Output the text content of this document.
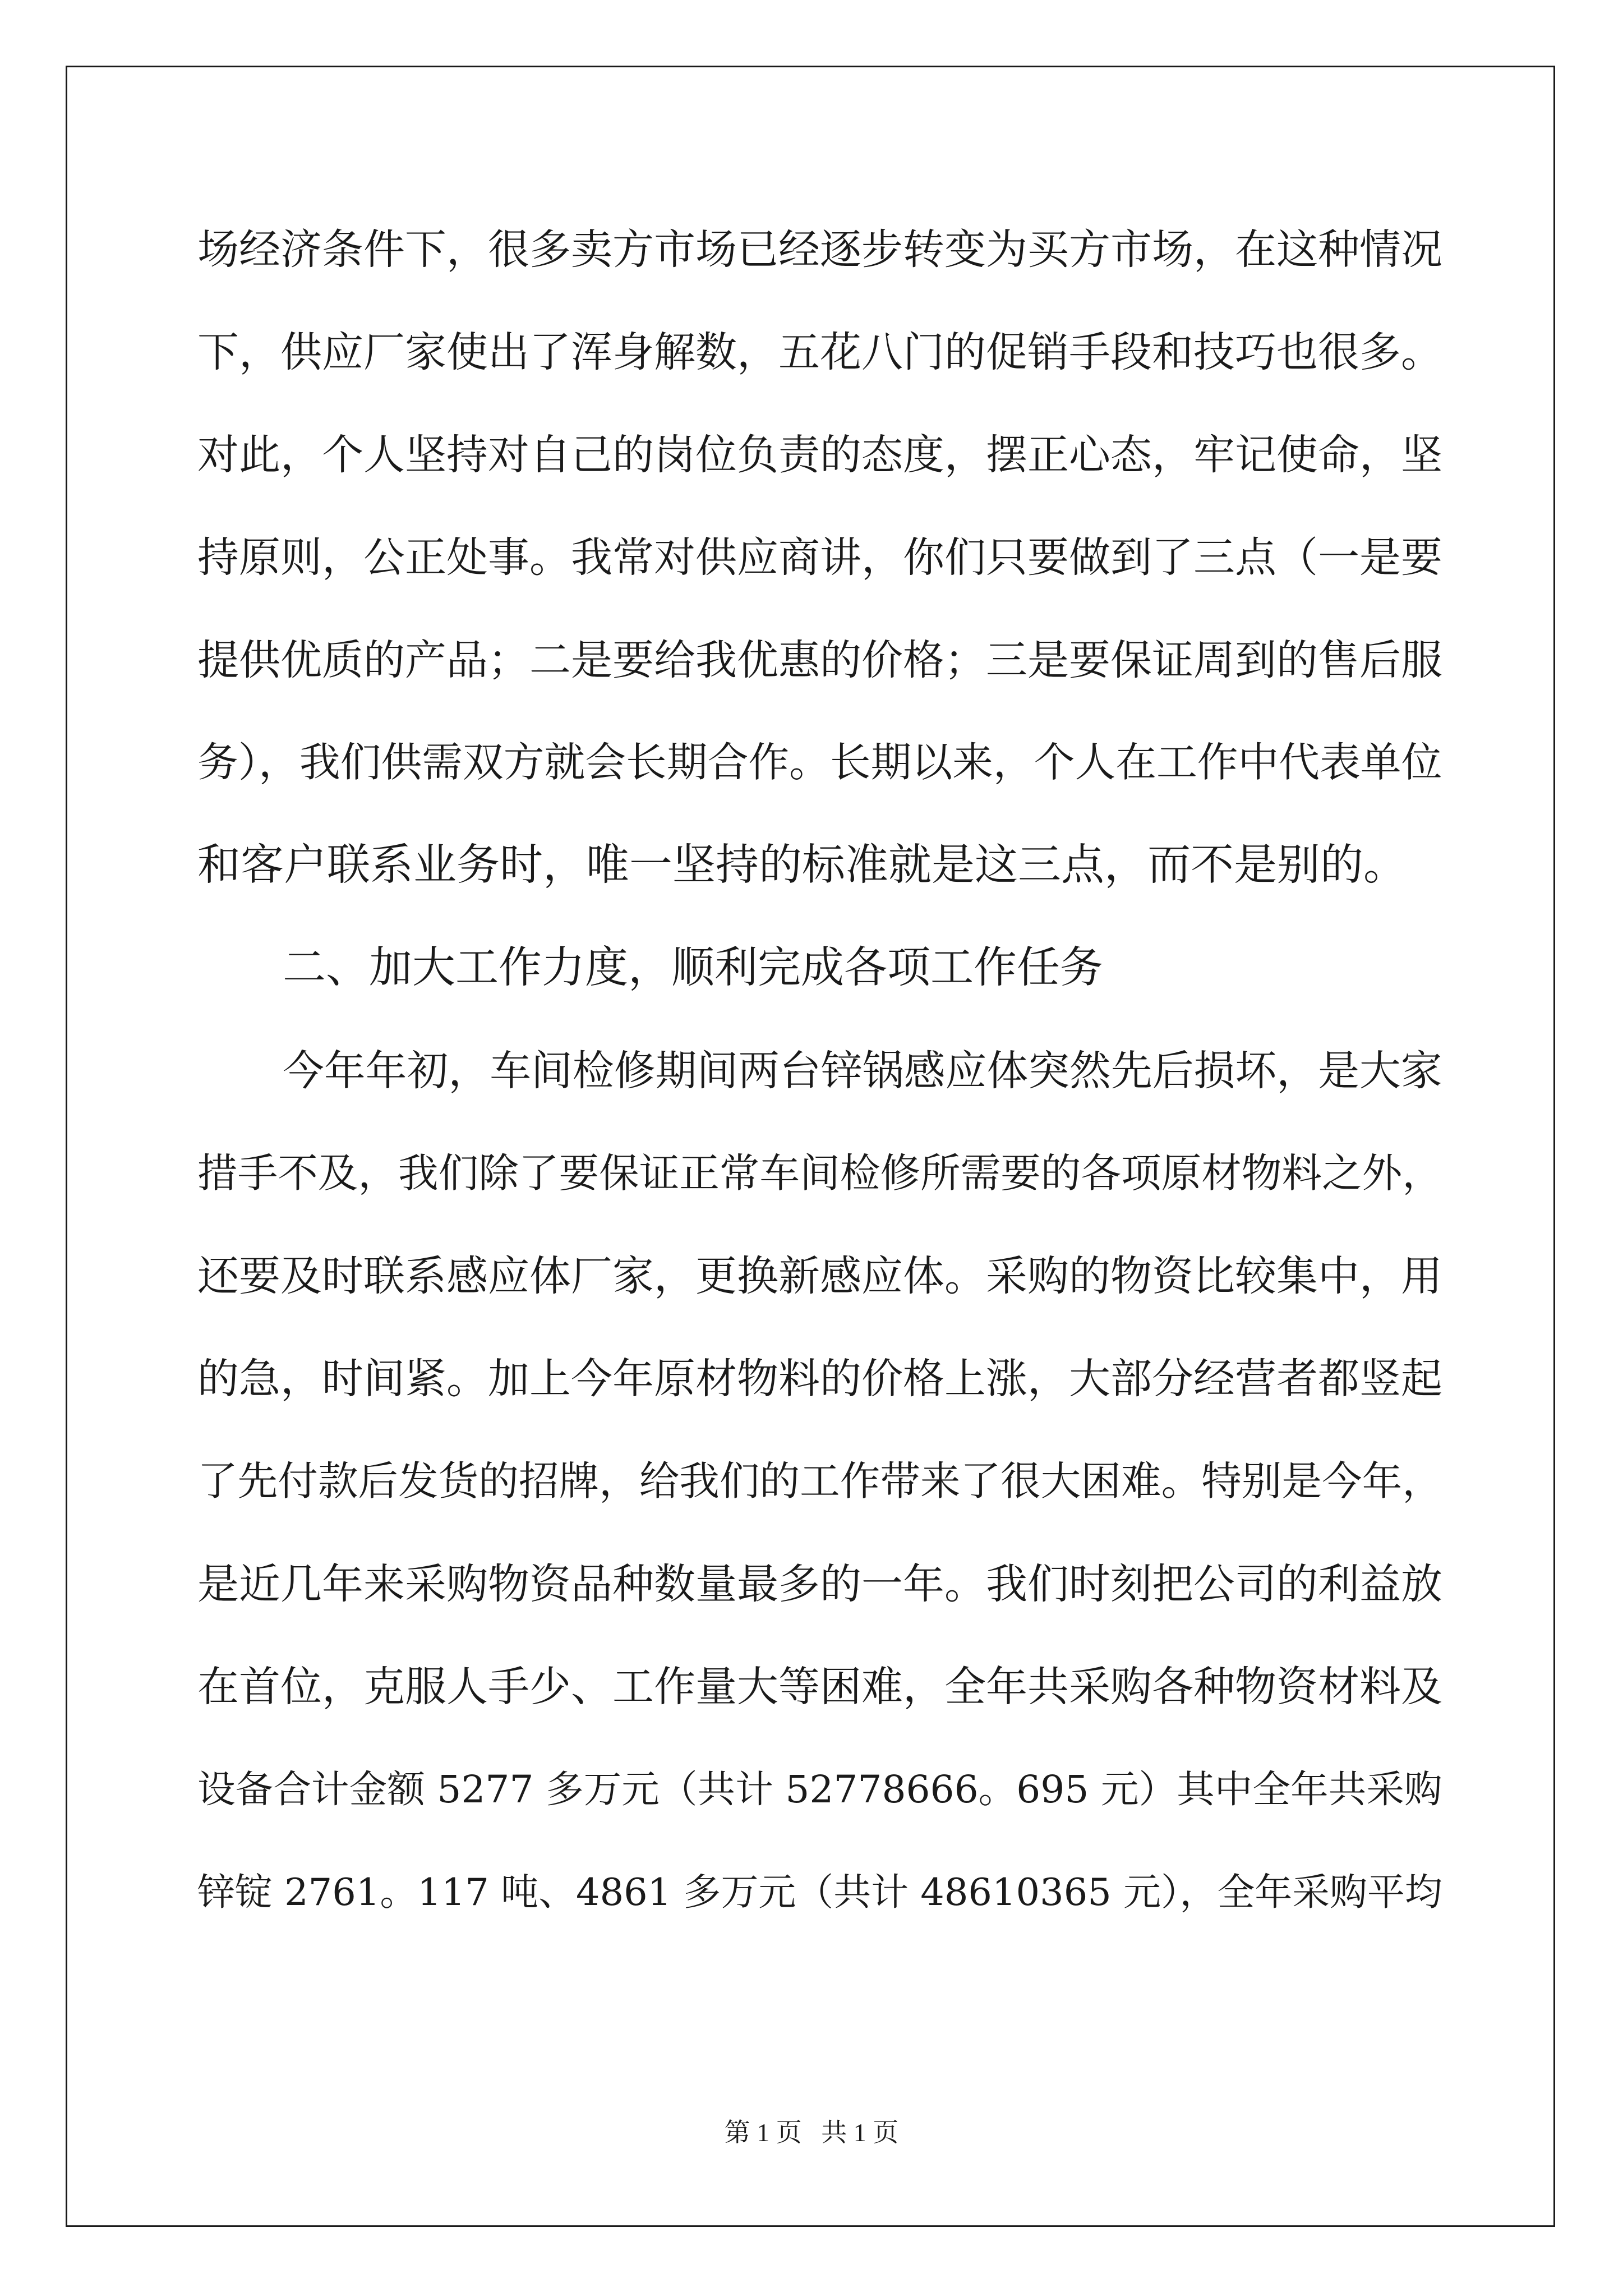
场经济条件下，很多卖方市场已经逐步转变为买方市场，在这种情况
下，供应厂家使出了浑身解数，五花八门的促销手段和技巧也很多。
对此，个人坚持对自己的岗位负责的态度，摆正心态，牢记使命，坚
持原则，公正处事。我常对供应商讲，你们只要做到了三点（一是要
提供优质的产品；二是要给我优惠的价格；三是要保证周到的售后服
务），我们供需双方就会长期合作。长期以来，个人在工作中代表单位
和客户联系业务时，唯一坚持的标准就是这三点，而不是别的。
二、加大工作力度，顺利完成各项工作任务
今年年初，车间检修期间两台锌锅感应体突然先后损坏，是大家
措手不及，我们除了要保证正常车间检修所需要的各项原材物料之外，
还要及时联系感应体厂家，更换新感应体。采购的物资比较集中，用
的急，时间紧。加上今年原材物料的价格上涨，大部分经营者都竖起
了先付款后发货的招牌，给我们的工作带来了很大困难。特别是今年，
是近几年来采购物资品种数量最多的一年。我们时刻把公司的利益放
在首位，克服人手少、工作量大等困难，全年共采购各种物资材料及
设备合计金额 5277 多万元（共计 52778666。695 元）其中全年共采购
锌锭 2761。117 吨、4861 多万元（共计 48610365 元），全年采购平均
第 1 页 共 1 页
